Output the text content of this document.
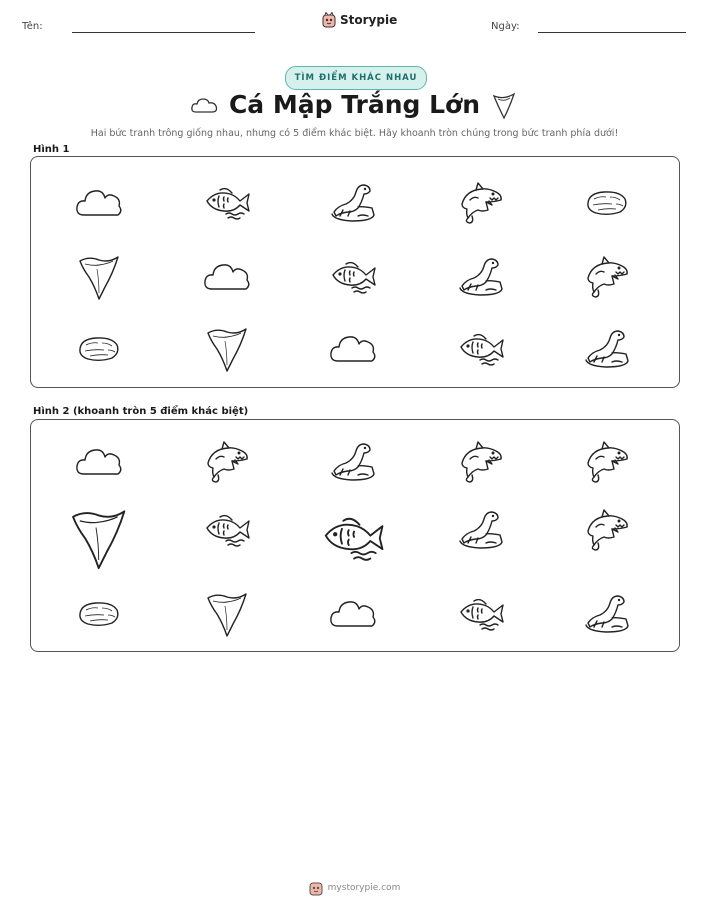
Tên:	Storypie	Ngày:
TÌM ĐIỂM KHÁC NHAU
Cá Mập Trắng Lớn
Hai bức tranh trông giống nhau, nhưng có 5 điểm khác biệt. Hãy khoanh tròn chúng trong bức tranh phía dưới!
Hình 1
Hình 2 (khoanh tròn 5 điểm khác biệt)
mystorypie.com
